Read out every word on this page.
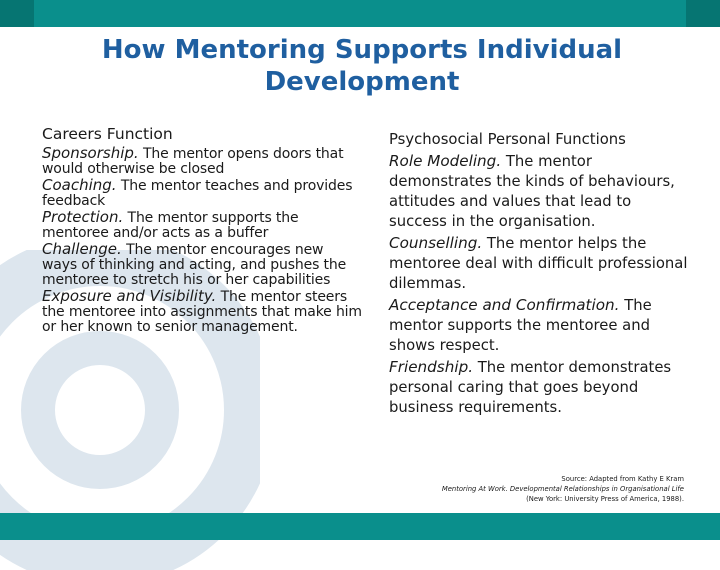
How Mentoring Supports Individual Development
Careers Function
Sponsorship. The mentor opens doors that would otherwise be closed
Coaching. The mentor teaches and provides feedback
Protection. The mentor supports the mentoree and/or acts as a buffer
Challenge. The mentor encourages new ways of thinking and acting, and pushes the mentoree to stretch his or her capabilities
Exposure and Visibility. The mentor steers the mentoree into assignments that make him or her known to senior management.
Psychosocial Personal Functions
Role Modeling. The mentor demonstrates the kinds of behaviours, attitudes and values that lead to success in the organisation.
Counselling. The mentor helps the mentoree deal with difficult professional dilemmas.
Acceptance and Confirmation. The mentor supports the mentoree and shows respect.
Friendship. The mentor demonstrates personal caring that goes beyond business requirements.
Source: Adapted from Kathy E Kram
Mentoring At Work. Developmental Relationships in Organisational Life
(New York: University Press of America, 1988).
